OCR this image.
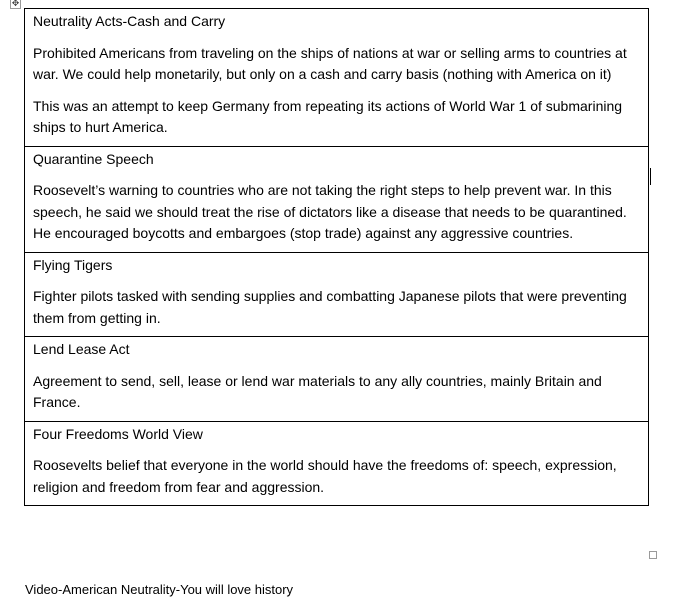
✥
Neutrality Acts-Cash and Carry

Prohibited Americans from traveling on the ships of nations at war or selling arms to countries at war. We could help monetarily, but only on a cash and carry basis (nothing with America on it)

This was an attempt to keep Germany from repeating its actions of World War 1 of submarining ships to hurt America.

Quarantine Speech

Roosevelt’s warning to countries who are not taking the right steps to help prevent war. In this speech, he said we should treat the rise of dictators like a disease that needs to be quarantined. He encouraged boycotts and embargoes (stop trade) against any aggressive countries.

Flying Tigers

Fighter pilots tasked with sending supplies and combatting Japanese pilots that were preventing them from getting in.

Lend Lease Act

Agreement to send, sell, lease or lend war materials to any ally countries, mainly Britain and France.

Four Freedoms World View

Roosevelts belief that everyone in the world should have the freedoms of: speech, expression, religion and freedom from fear and aggression.

Video-American Neutrality-You will love history
